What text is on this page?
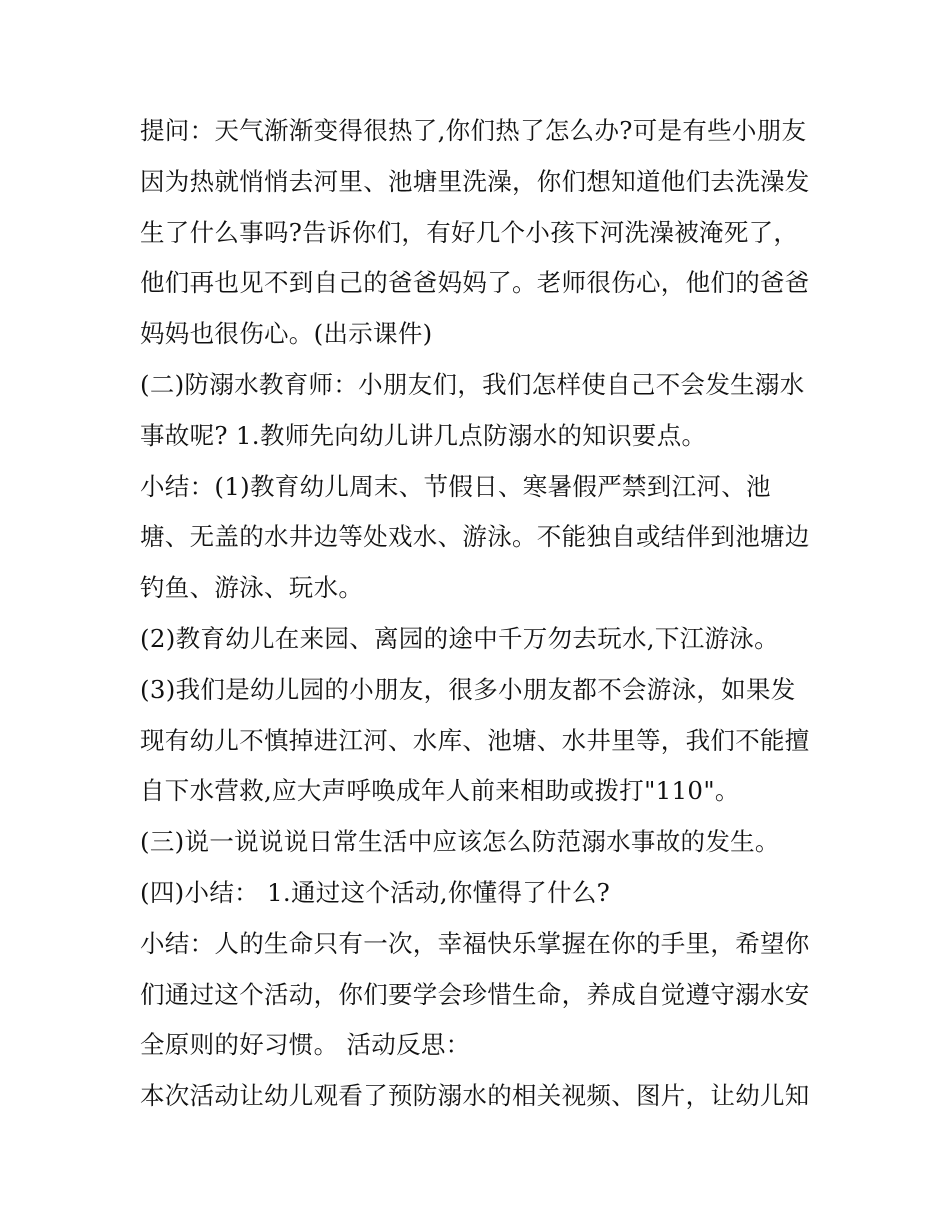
提问：天气渐渐变得很热了,你们热了怎么办?可是有些小朋友
因为热就悄悄去河里、池塘里洗澡，你们想知道他们去洗澡发
生了什么事吗?告诉你们，有好几个小孩下河洗澡被淹死了，
他们再也见不到自己的爸爸妈妈了。老师很伤心，他们的爸爸
妈妈也很伤心。(出示课件)
(二)防溺水教育师：小朋友们，我们怎样使自己不会发生溺水
事故呢? 1.教师先向幼儿讲几点防溺水的知识要点。
小结：(1)教育幼儿周末、节假日、寒暑假严禁到江河、池
塘、无盖的水井边等处戏水、游泳。不能独自或结伴到池塘边
钓鱼、游泳、玩水。
(2)教育幼儿在来园、离园的途中千万勿去玩水,下江游泳。
(3)我们是幼儿园的小朋友，很多小朋友都不会游泳，如果发
现有幼儿不慎掉进江河、水库、池塘、水井里等，我们不能擅
自下水营救,应大声呼唤成年人前来相助或拨打"110"。
(三)说一说说说日常生活中应该怎么防范溺水事故的发生。
(四)小结： 1.通过这个活动,你懂得了什么?
小结：人的生命只有一次，幸福快乐掌握在你的手里，希望你
们通过这个活动，你们要学会珍惜生命，养成自觉遵守溺水安
全原则的好习惯。 活动反思：
本次活动让幼儿观看了预防溺水的相关视频、图片，让幼儿知
